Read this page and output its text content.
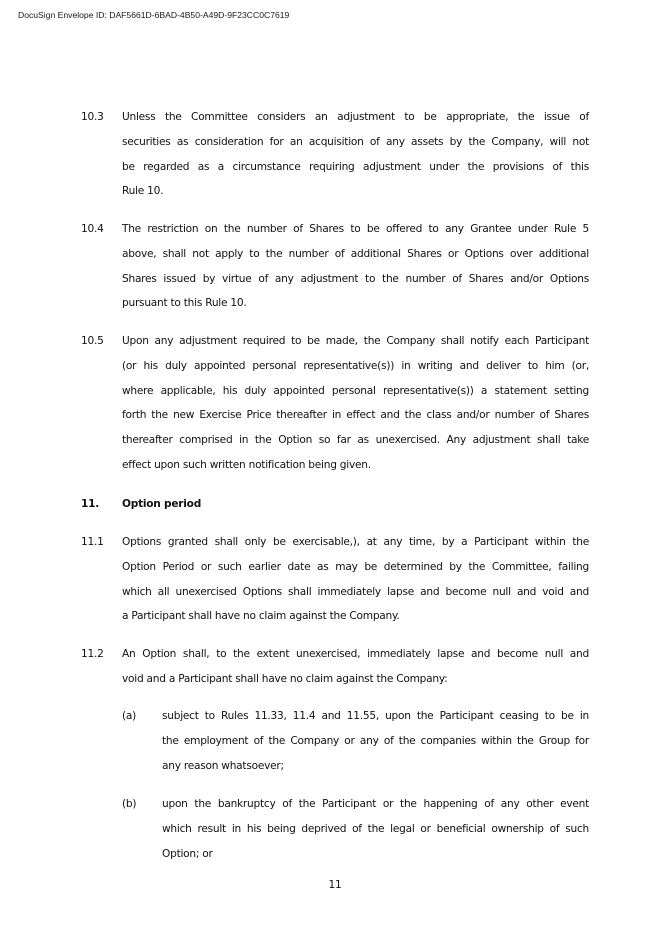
DocuSign Envelope ID: DAF5661D-6BAD-4B50-A49D-9F23CC0C7619
10.3 Unless the Committee considers an adjustment to be appropriate, the issue of
securities as consideration for an acquisition of any assets by the Company, will not
be regarded as a circumstance requiring adjustment under the provisions of this
Rule 10.
10.4 The restriction on the number of Shares to be offered to any Grantee under Rule 5
above, shall not apply to the number of additional Shares or Options over additional
Shares issued by virtue of any adjustment to the number of Shares and/or Options
pursuant to this Rule 10.
10.5 Upon any adjustment required to be made, the Company shall notify each Participant
(or his duly appointed personal representative(s)) in writing and deliver to him (or,
where applicable, his duly appointed personal representative(s)) a statement setting
forth the new Exercise Price thereafter in effect and the class and/or number of Shares
thereafter comprised in the Option so far as unexercised. Any adjustment shall take
effect upon such written notification being given.
11. Option period
11.1 Options granted shall only be exercisable,), at any time, by a Participant within the
Option Period or such earlier date as may be determined by the Committee, failing
which all unexercised Options shall immediately lapse and become null and void and
a Participant shall have no claim against the Company.
11.2 An Option shall, to the extent unexercised, immediately lapse and become null and
void and a Participant shall have no claim against the Company:
(a) subject to Rules 11.33, 11.4 and 11.55, upon the Participant ceasing to be in
the employment of the Company or any of the companies within the Group for
any reason whatsoever;
(b) upon the bankruptcy of the Participant or the happening of any other event
which result in his being deprived of the legal or beneficial ownership of such
Option; or
11
